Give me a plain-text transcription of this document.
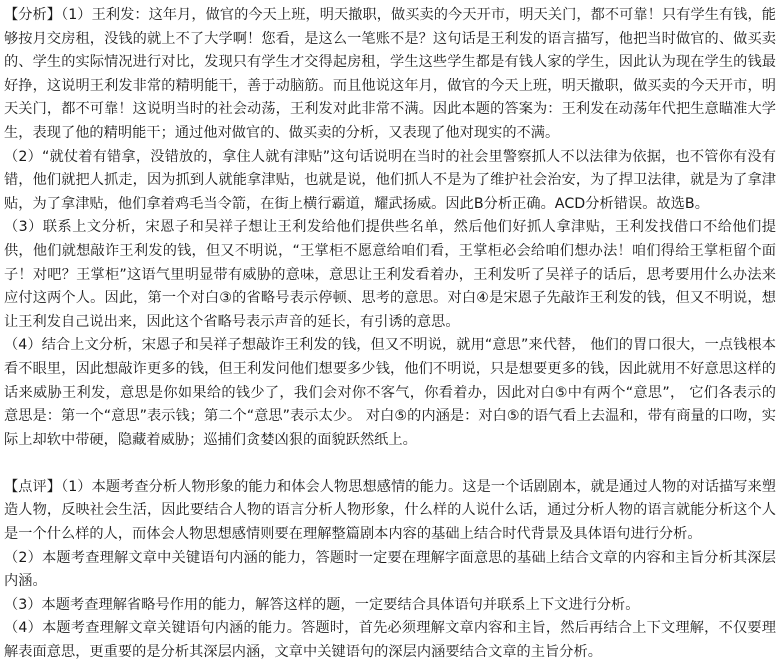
【分析】（1）王利发：这年月，做官的今天上班，明天撤职，做买卖的今天开市，明天关门，都不可靠！只有学生有钱，能够按月交房租，没钱的就上不了大学啊！您看，是这么一笔账不是？这句话是王利发的语言描写，他把当时做官的、做买卖的、学生的实际情况进行对比，发现只有学生才交得起房租，学生这些学生都是有钱人家的学生，因此认为现在学生的钱最好挣，这说明王利发非常的精明能干，善于动脑筋。而且他说这年月，做官的今天上班，明天撤职，做买卖的今天开市，明天关门，都不可靠！这说明当时的社会动荡，王利发对此非常不满。因此本题的答案为：王利发在动荡年代把生意瞄准大学生，表现了他的精明能干；通过他对做官的、做买卖的分析，又表现了他对现实的不满。

（2）“就仗着有错拿，没错放的，拿住人就有津贴”这句话说明在当时的社会里警察抓人不以法律为依据，也不管你有没有错，他们就把人抓走，因为抓到人就能拿津贴，也就是说，他们抓人不是为了维护社会治安，为了捍卫法律，就是为了拿津贴，为了拿津贴，他们拿着鸡毛当令箭，在街上横行霸道，耀武扬威。因此B分析正确。ACD分析错误。故选B。

（3）联系上文分析，宋恩子和吴祥子想让王利发给他们提供些名单，然后他们好抓人拿津贴，王利发找借口不给他们提供，他们就想敲诈王利发的钱，但又不明说，“王掌柜不愿意给咱们看，王掌柜必会给咱们想办法！咱们得给王掌柜留个面子！对吧？王掌柜”这语气里明显带有威胁的意味，意思让王利发看着办，王利发听了吴祥子的话后，思考要用什么办法来应付这两个人。因此，第一个对白③的省略号表示停顿、思考的意思。对白④是宋恩子先敲诈王利发的钱，但又不明说，想让王利发自己说出来，因此这个省略号表示声音的延长，有引诱的意思。

（4）结合上文分析，宋恩子和吴祥子想敲诈王利发的钱，但又不明说，就用“意思”来代替， 他们的胃口很大，一点钱根本看不眼里，因此想敲诈更多的钱，但王利发问他们想要多少钱，他们不明说，只是想要更多的钱，因此就用不好意思这样的话来威胁王利发，意思是你如果给的钱少了，我们会对你不客气，你看着办，因此对白⑤中有两个“意思”， 它们各表示的意思是：第一个“意思”表示钱；第二个“意思”表示太少。 对白⑤的内涵是：对白⑤的语气看上去温和，带有商量的口吻，实际上却软中带硬，隐藏着威胁；巡捕们贪婪凶狠的面貌跃然纸上。

【点评】（1）本题考查分析人物形象的能力和体会人物思想感情的能力。这是一个话剧剧本，就是通过人物的对话描写来塑造人物，反映社会生活，因此要结合人物的语言分析人物形象，什么样的人说什么话，通过分析人物的语言就能分析这个人是一个什么样的人，而体会人物思想感情则要在理解整篇剧本内容的基础上结合时代背景及具体语句进行分析。

（2）本题考查理解文章中关键语句内涵的能力，答题时一定要在理解字面意思的基础上结合文章的内容和主旨分析其深层内涵。

（3）本题考查理解省略号作用的能力，解答这样的题，一定要结合具体语句并联系上下文进行分析。

（4）本题考查理解文章关键语句内涵的能力。答题时，首先必须理解文章内容和主旨，然后再结合上下文理解，不仅要理解表面意思，更重要的是分析其深层内涵，文章中关键语句的深层内涵要结合文章的主旨分析。
